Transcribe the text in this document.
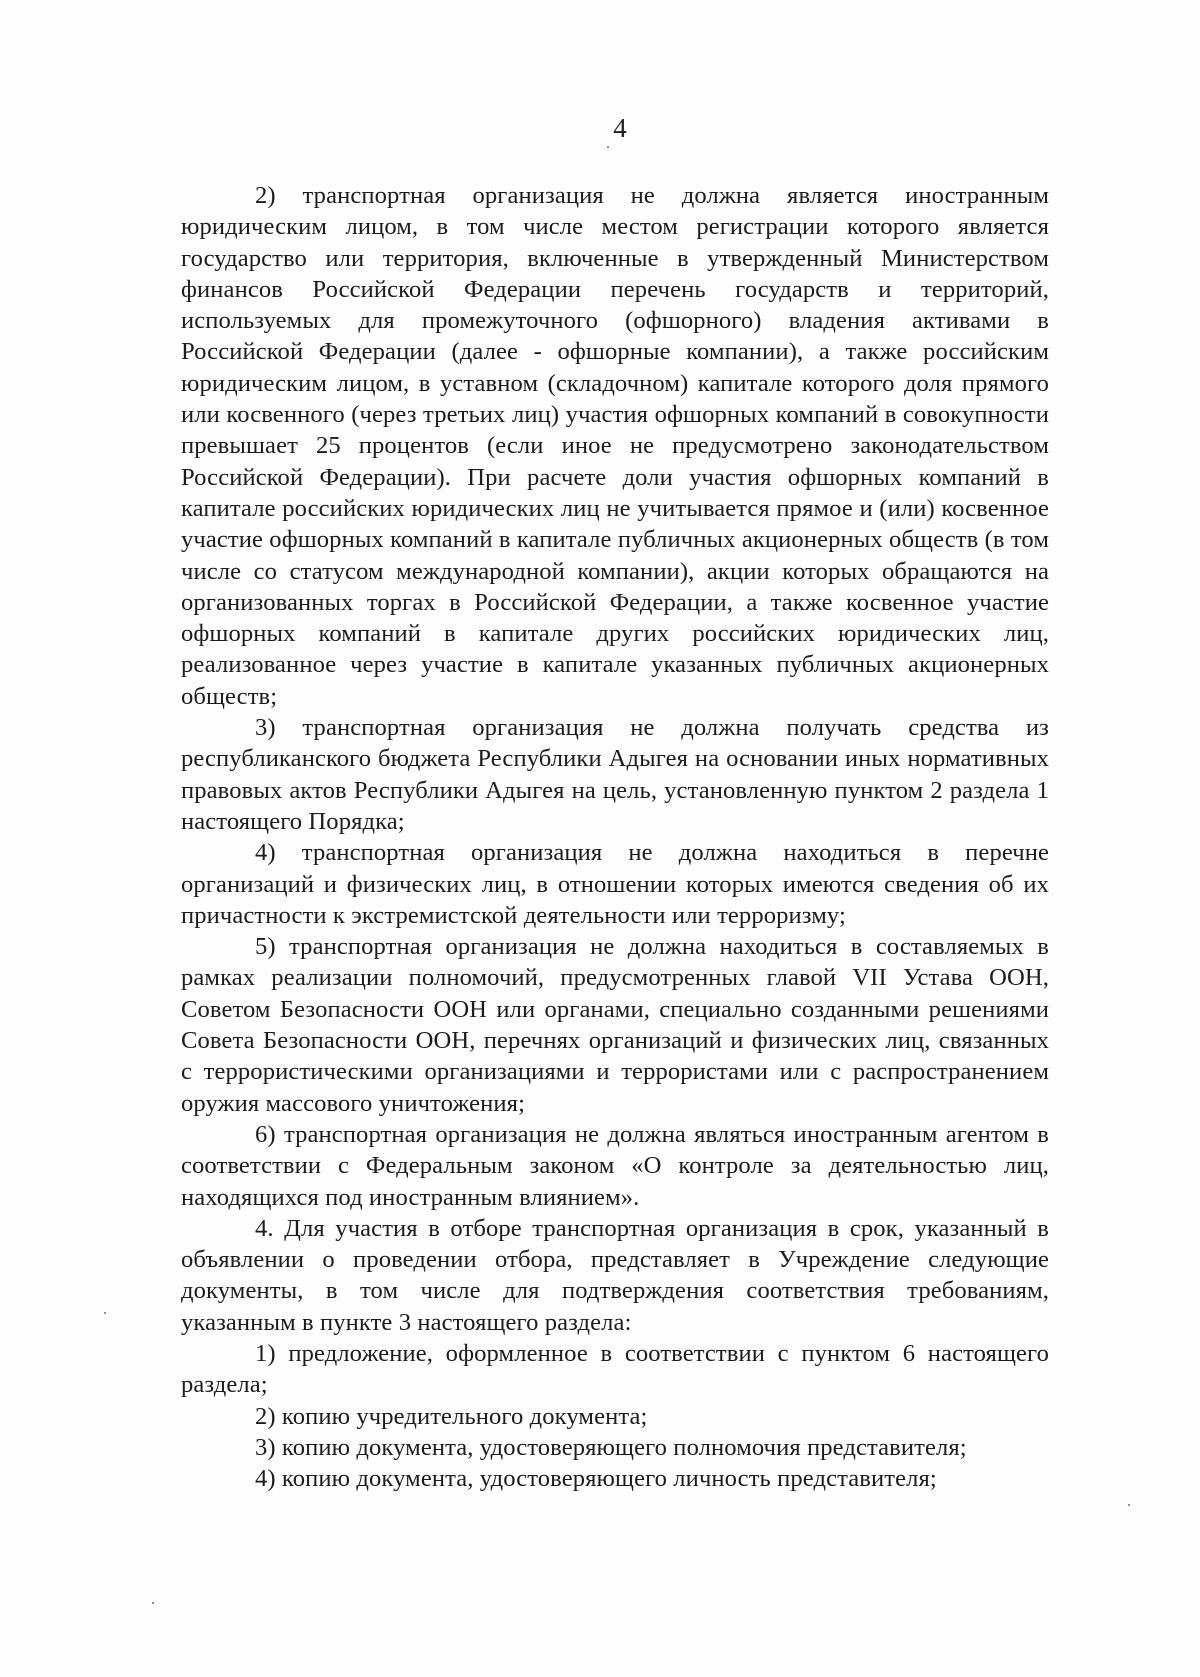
4

2) транспортная организация не должна является иностранным юридическим лицом, в том числе местом регистрации которого является государство или территория, включенные в утвержденный Министерством финансов Российской Федерации перечень государств и территорий, используемых для промежуточного (офшорного) владения активами в Российской Федерации (далее - офшорные компании), а также российским юридическим лицом, в уставном (складочном) капитале которого доля прямого или косвенного (через третьих лиц) участия офшорных компаний в совокупности превышает 25 процентов (если иное не предусмотрено законодательством Российской Федерации). При расчете доли участия офшорных компаний в капитале российских юридических лиц не учитывается прямое и (или) косвенное участие офшорных компаний в капитале публичных акционерных обществ (в том числе со статусом международной компании), акции которых обращаются на организованных торгах в Российской Федерации, а также косвенное участие офшорных компаний в капитале других российских юридических лиц, реализованное через участие в капитале указанных публичных акционерных обществ;

3) транспортная организация не должна получать средства из республиканского бюджета Республики Адыгея на основании иных нормативных правовых актов Республики Адыгея на цель, установленную пунктом 2 раздела 1 настоящего Порядка;

4) транспортная организация не должна находиться в перечне организаций и физических лиц, в отношении которых имеются сведения об их причастности к экстремистской деятельности или терроризму;

5) транспортная организация не должна находиться в составляемых в рамках реализации полномочий, предусмотренных главой VII Устава ООН, Советом Безопасности ООН или органами, специально созданными решениями Совета Безопасности ООН, перечнях организаций и физических лиц, связанных с террористическими организациями и террористами или с распространением оружия массового уничтожения;

6) транспортная организация не должна являться иностранным агентом в соответствии с Федеральным законом «О контроле за деятельностью лиц, находящихся под иностранным влиянием».

4. Для участия в отборе транспортная организация в срок, указанный в объявлении о проведении отбора, представляет в Учреждение следующие документы, в том числе для подтверждения соответствия требованиям, указанным в пункте 3 настоящего раздела:

1) предложение, оформленное в соответствии с пунктом 6 настоящего раздела;

2) копию учредительного документа;

3) копию документа, удостоверяющего полномочия представителя;

4) копию документа, удостоверяющего личность представителя;
